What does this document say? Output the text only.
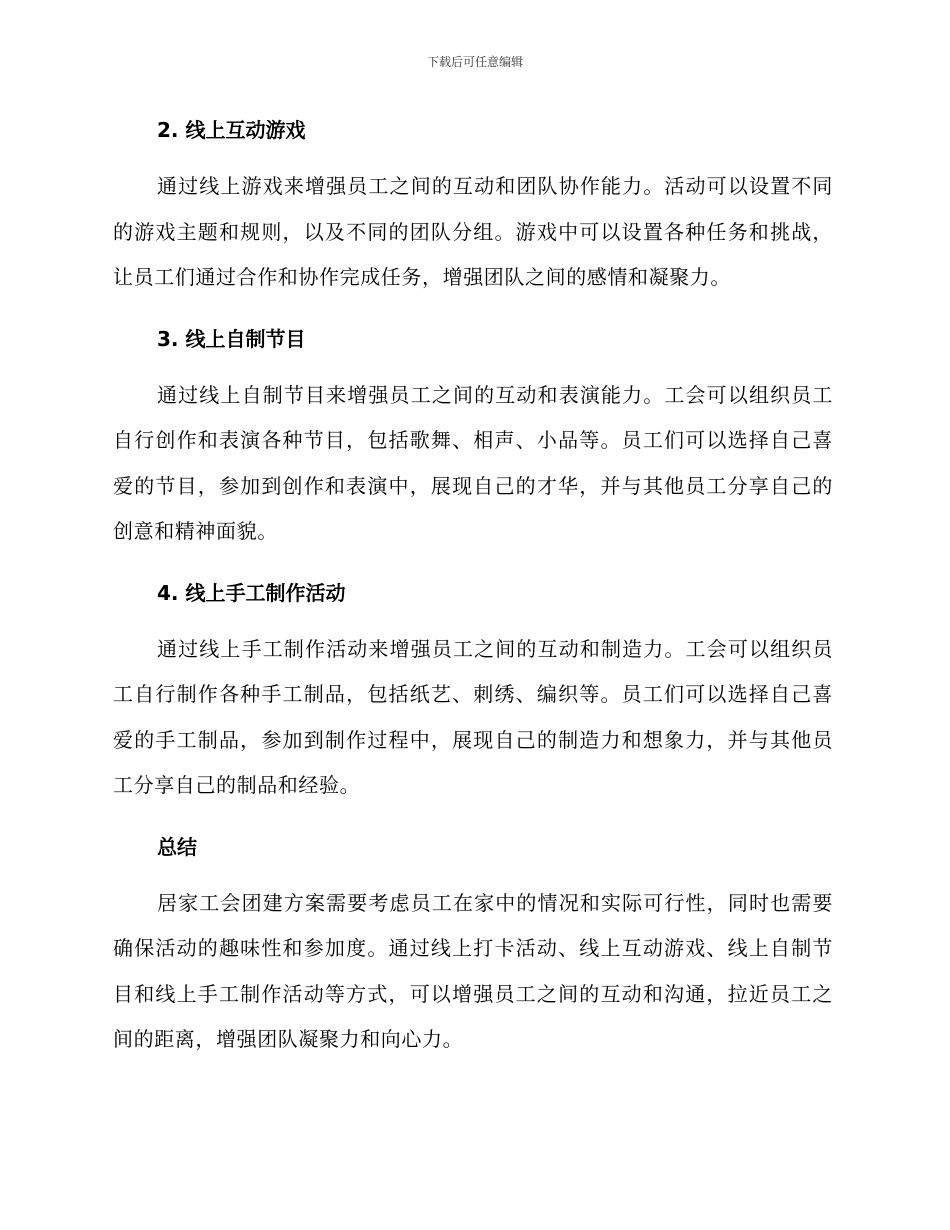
下载后可任意编辑
2. 线上互动游戏

通过线上游戏来增强员工之间的互动和团队协作能力。活动可以设置不同的游戏主题和规则，以及不同的团队分组。游戏中可以设置各种任务和挑战，让员工们通过合作和协作完成任务，增强团队之间的感情和凝聚力。

3. 线上自制节目

通过线上自制节目来增强员工之间的互动和表演能力。工会可以组织员工自行创作和表演各种节目，包括歌舞、相声、小品等。员工们可以选择自己喜爱的节目，参加到创作和表演中，展现自己的才华，并与其他员工分享自己的创意和精神面貌。

4. 线上手工制作活动

通过线上手工制作活动来增强员工之间的互动和制造力。工会可以组织员工自行制作各种手工制品，包括纸艺、刺绣、编织等。员工们可以选择自己喜爱的手工制品，参加到制作过程中，展现自己的制造力和想象力，并与其他员工分享自己的制品和经验。

总结

居家工会团建方案需要考虑员工在家中的情况和实际可行性，同时也需要确保活动的趣味性和参加度。通过线上打卡活动、线上互动游戏、线上自制节目和线上手工制作活动等方式，可以增强员工之间的互动和沟通，拉近员工之间的距离，增强团队凝聚力和向心力。
